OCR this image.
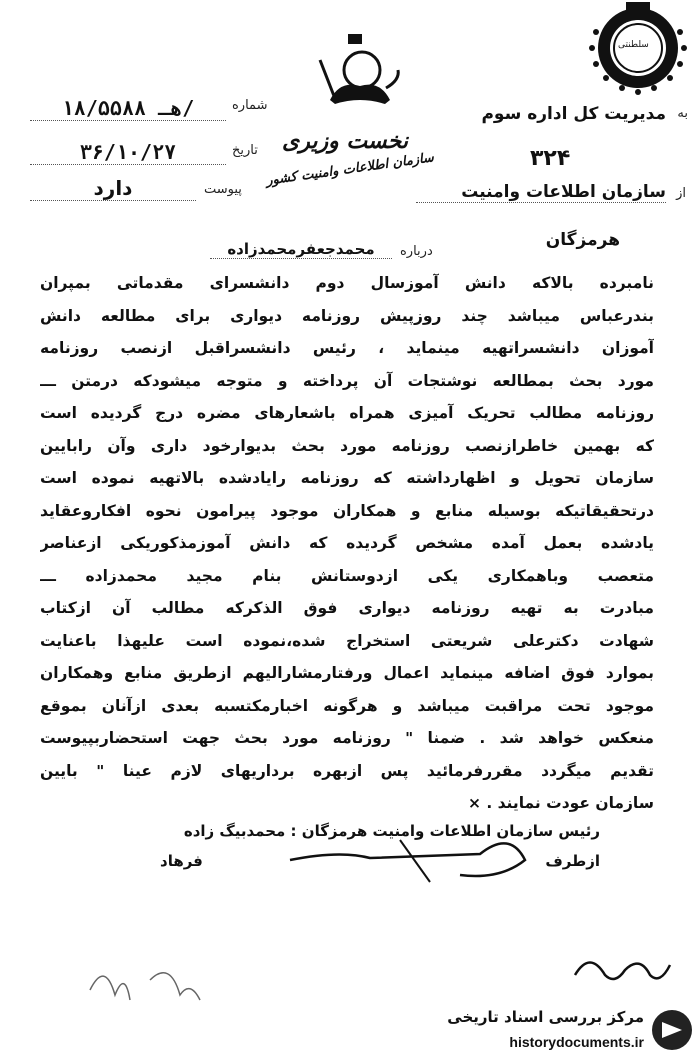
سلطنتی
نخست وزیری
سازمان اطلاعات وامنیت کشور
شماره
۱۸/۵۵۸۸ هـ/
تاریخ
۳۶/۱۰/۲۷
پیوست
دارد
به
مدیریت کل اداره سوم
۳۲۴
از
سازمان اطلاعات وامنیت
هرمزگان
درباره
محمدجعفرمحمدزاده
نامبرده بالاکه دانش آموزسال دوم دانشسرای مقدماتی بمپران
بندرعباس میباشد چند روزپیش روزنامه دیواری برای مطالعه دانش
آموزان دانشسراتهیه مینماید ، رئیس دانشسراقبل ازنصب روزنامه
مورد بحث بمطالعه نوشتجات آن پرداخته و متوجه میشودکه درمتن ـــ
روزنامه مطالب تحریک آمیزی همراه باشعارهای مضره درج گردیده است
که بهمین خاطرازنصب روزنامه مورد بحث بدیوارخود داری وآن رابایین
سازمان تحویل و اظهارداشته که روزنامه رایادشده بالاتهیه نموده است
درتحقیقاتیکه بوسیله منابع و همکاران موجود پیرامون نحوه افکاروعقاید
یادشده بعمل آمده مشخص گردیده که دانش آموزمذکوریکی ازعناصر
متعصب وباهمکاری یکی ازدوستانش بنام مجید محمدزاده ـــ
مبادرت به تهیه روزنامه دیواری فوق الذکرکه مطالب آن ازکتاب
شهادت دکترعلی شریعتی استخراج شده،نموده است علیهذا باعنایت
بموارد فوق اضافه مینماید اعمال ورفتارمشارالیهم ازطریق منابع وهمکاران
موجود تحت مراقبت میباشد و هرگونه اخبارمکتسبه بعدی ازآنان بموقع
منعکس خواهد شد . ضمنا " روزنامه مورد بحث جهت استحضاربپیوست
تقدیم میگردد مقررفرمائید پس ازبهره برداریهای لازم عینا " بایین
سازمان عودت نمایند . ×
رئیس سازمان اطلاعات وامنیت هرمزگان : محمدبیگ زاده
ازطرف
فرهاد
مرکز بررسی اسناد تاریخی
historydocuments.ir
